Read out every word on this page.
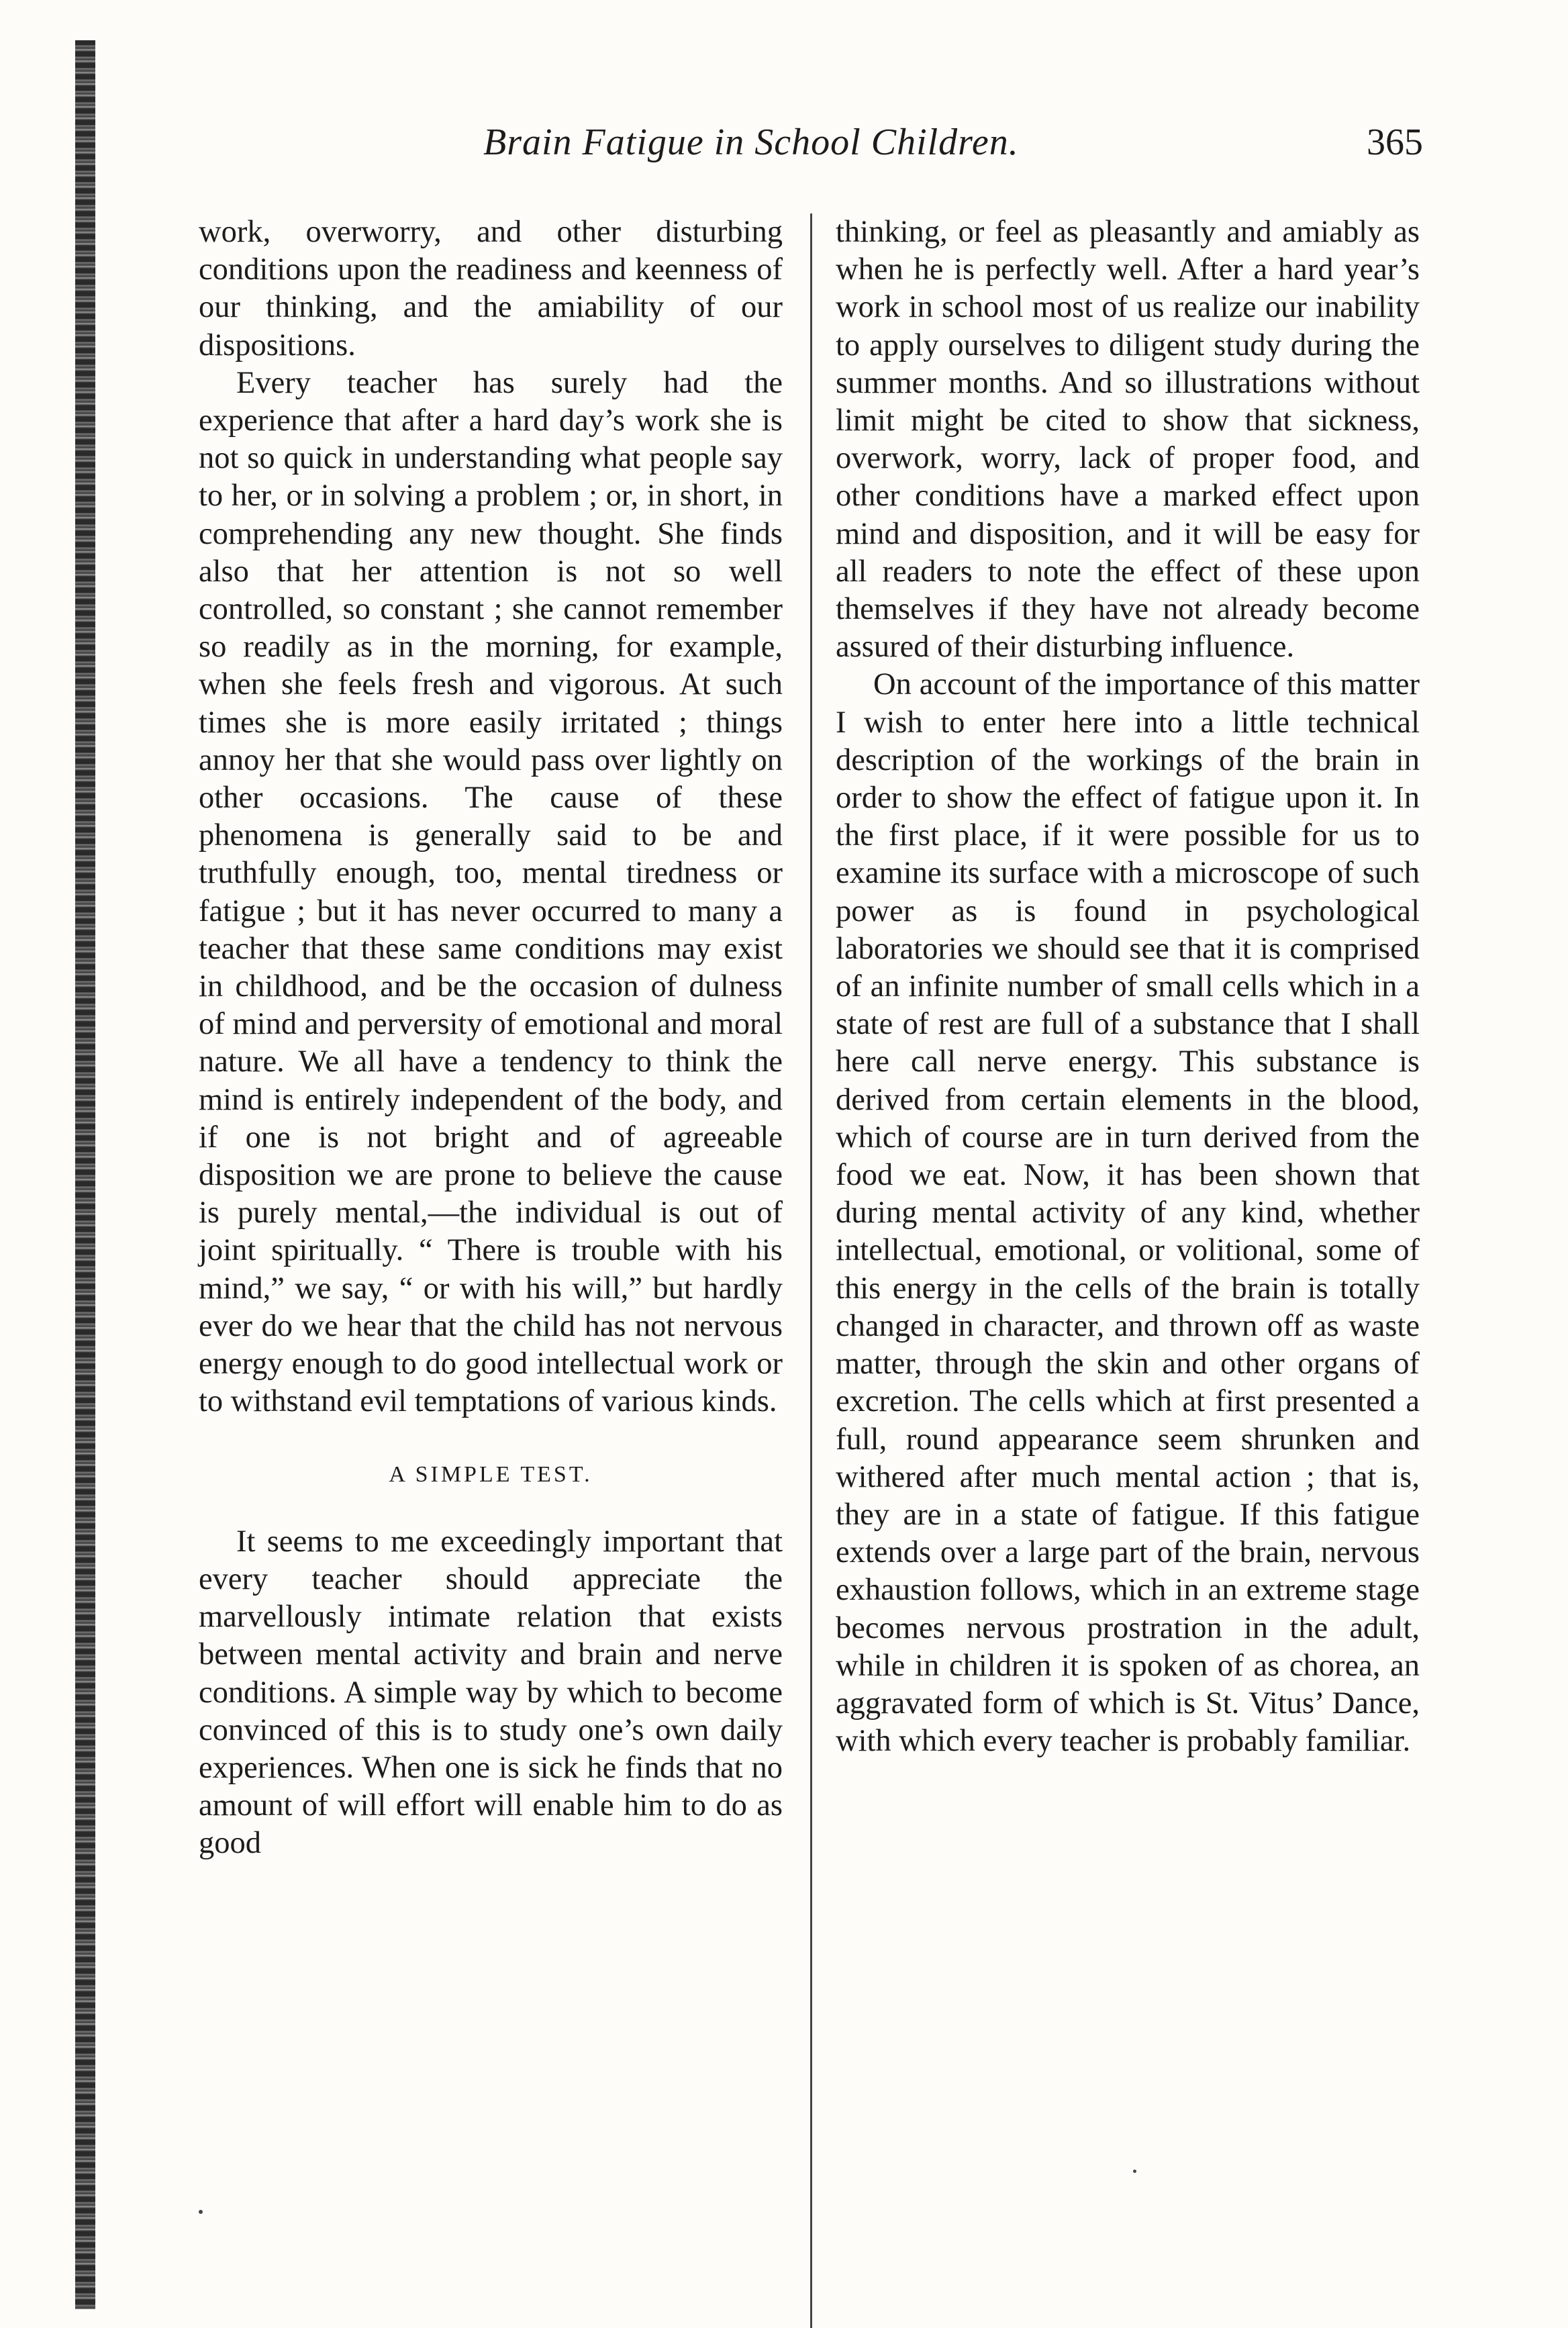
Brain Fatigue in School Children.	365

work, overworry, and other disturbing conditions upon the readiness and keenness of our thinking, and the amiability of our dispositions.

Every teacher has surely had the experience that after a hard day’s work she is not so quick in understanding what people say to her, or in solving a problem ; or, in short, in comprehending any new thought. She finds also that her attention is not so well controlled, so constant ; she cannot remember so readily as in the morning, for example, when she feels fresh and vigorous. At such times she is more easily irritated ; things annoy her that she would pass over lightly on other occasions. The cause of these phenomena is generally said to be and truthfully enough, too, mental tiredness or fatigue ; but it has never occurred to many a teacher that these same conditions may exist in childhood, and be the occasion of dulness of mind and perversity of emotional and moral nature. We all have a tendency to think the mind is entirely independent of the body, and if one is not bright and of agreeable disposition we are prone to believe the cause is purely mental,—the individual is out of joint spiritually. “ There is trouble with his mind,” we say, “ or with his will,” but hardly ever do we hear that the child has not nervous energy enough to do good intellectual work or to withstand evil temptations of various kinds.

A SIMPLE TEST.

It seems to me exceedingly important that every teacher should appreciate the marvellously intimate relation that exists between mental activity and brain and nerve conditions. A simple way by which to become convinced of this is to study one’s own daily experiences. When one is sick he finds that no amount of will effort will enable him to do as good

thinking, or feel as pleasantly and amiably as when he is perfectly well. After a hard year’s work in school most of us realize our inability to apply ourselves to diligent study during the summer months. And so illustrations without limit might be cited to show that sickness, overwork, worry, lack of proper food, and other conditions have a marked effect upon mind and disposition, and it will be easy for all readers to note the effect of these upon themselves if they have not already become assured of their disturbing influence.

On account of the importance of this matter I wish to enter here into a little technical description of the workings of the brain in order to show the effect of fatigue upon it. In the first place, if it were possible for us to examine its surface with a microscope of such power as is found in psychological laboratories we should see that it is comprised of an infinite number of small cells which in a state of rest are full of a substance that I shall here call nerve energy. This substance is derived from certain elements in the blood, which of course are in turn derived from the food we eat. Now, it has been shown that during mental activity of any kind, whether intellectual, emotional, or volitional, some of this energy in the cells of the brain is totally changed in character, and thrown off as waste matter, through the skin and other organs of excretion. The cells which at first presented a full, round appearance seem shrunken and withered after much mental action ; that is, they are in a state of fatigue. If this fatigue extends over a large part of the brain, nervous exhaustion follows, which in an extreme stage becomes nervous prostration in the adult, while in children it is spoken of as chorea, an aggravated form of which is St. Vitus’ Dance, with which every teacher is probably familiar.
